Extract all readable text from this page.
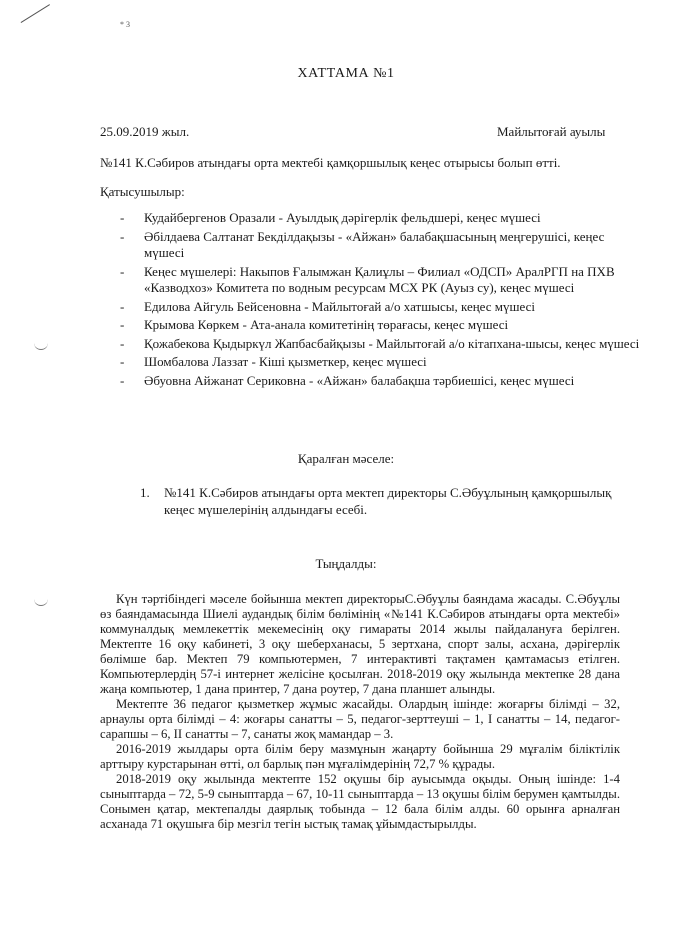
* 3
ХАТТАМА №1
25.09.2019 жыл.	Майлытоғай ауылы
№141 К.Сәбиров атындағы орта мектебі қамқоршылық кеңес отырысы болып өтті.
Қатысушылыр:
- Кудайбергенов Оразали - Ауылдық дәрігерлік фельдшері, кеңес мүшесі
- Әбілдаева Салтанат Бекділдақызы - «Айжан» балабақшасының меңгерушісі, кеңес мүшесі
- Кеңес мүшелері: Накыпов Ғалымжан Қалиұлы – Филиал «ОДСП» АралРГП на ПХВ «Казводхоз» Комитета по водным ресурсам МСХ РК (Ауыз су), кеңес мүшесі
- Едилова Айгуль Бейсеновна - Майлытоғай а/о хатшысы, кеңес мүшесі
- Крымова Көркем - Ата-анала комитетінің төрағасы, кеңес мүшесі
- Қожабекова Қыдыркүл Жапбасбайқызы - Майлытоғай а/о кітапхана-шысы, кеңес мүшесі
- Шомбалова Лаззат - Кіші қызметкер, кеңес мүшесі
- Әбуовна Айжанат Сериковна - «Айжан» балабақша тәрбиешісі, кеңес мүшесі
Қаралған мәселе:
1.	№141 К.Сәбиров атындағы орта мектеп директоры С.Әбуұлының қамқоршылық кеңес мүшелерінің алдындағы есебі.
Тыңдалды:

Күн тәртібіндегі мәселе бойынша мектеп директорыС.Әбуұлы баяндама жасады. С.Әбуұлы өз баяндамасында Шиелі аудандық білім бөлімінің «№141 К.Сәбиров атындағы орта мектебі» коммуналдық мемлекеттік мекемесінің оқу гимараты 2014 жылы пайдалануға берілген. Мектепте 16 оқу кабинеті, 3 оқу шеберханасы, 5 зертхана, спорт залы, асхана, дәрігерлік бөлімше бар. Мектеп 79 компьютермен, 7 интерактивті тақтамен қамтамасыз етілген. Компьютерлердің 57-і интернет желісіне қосылған. 2018-2019 оқу жылында мектепке 28 дана жаңа компьютер, 1 дана принтер, 7 дана роутер, 7 дана планшет алынды.

Мектепте 36 педагог қызметкер жұмыс жасайды. Олардың ішінде: жоғарғы білімді – 32, арнаулы орта білімді – 4: жоғары санатты – 5, педагог-зерттеуші – 1, I санатты – 14, педагог-сарапшы – 6, II санатты – 7, санаты жоқ мамандар – 3.

2016-2019 жылдары орта білім беру мазмұнын жаңарту бойынша 29 мұғалім біліктілік арттыру курстарынан өтті, ол барлық пән мұғалімдерінің 72,7 % құрады.

2018-2019 оқу жылында мектепте 152 оқушы бір ауысымда оқыды. Оның ішінде: 1-4 сыныптарда – 72, 5-9 сыныптарда – 67, 10-11 сыныптарда – 13 оқушы білім берумен қамтылды. Сонымен қатар, мектепалды даярлық тобында – 12 бала білім алды. 60 орынға арналған асханада 71 оқушыға бір мезгіл тегін ыстық тамақ ұйымдастырылды.
